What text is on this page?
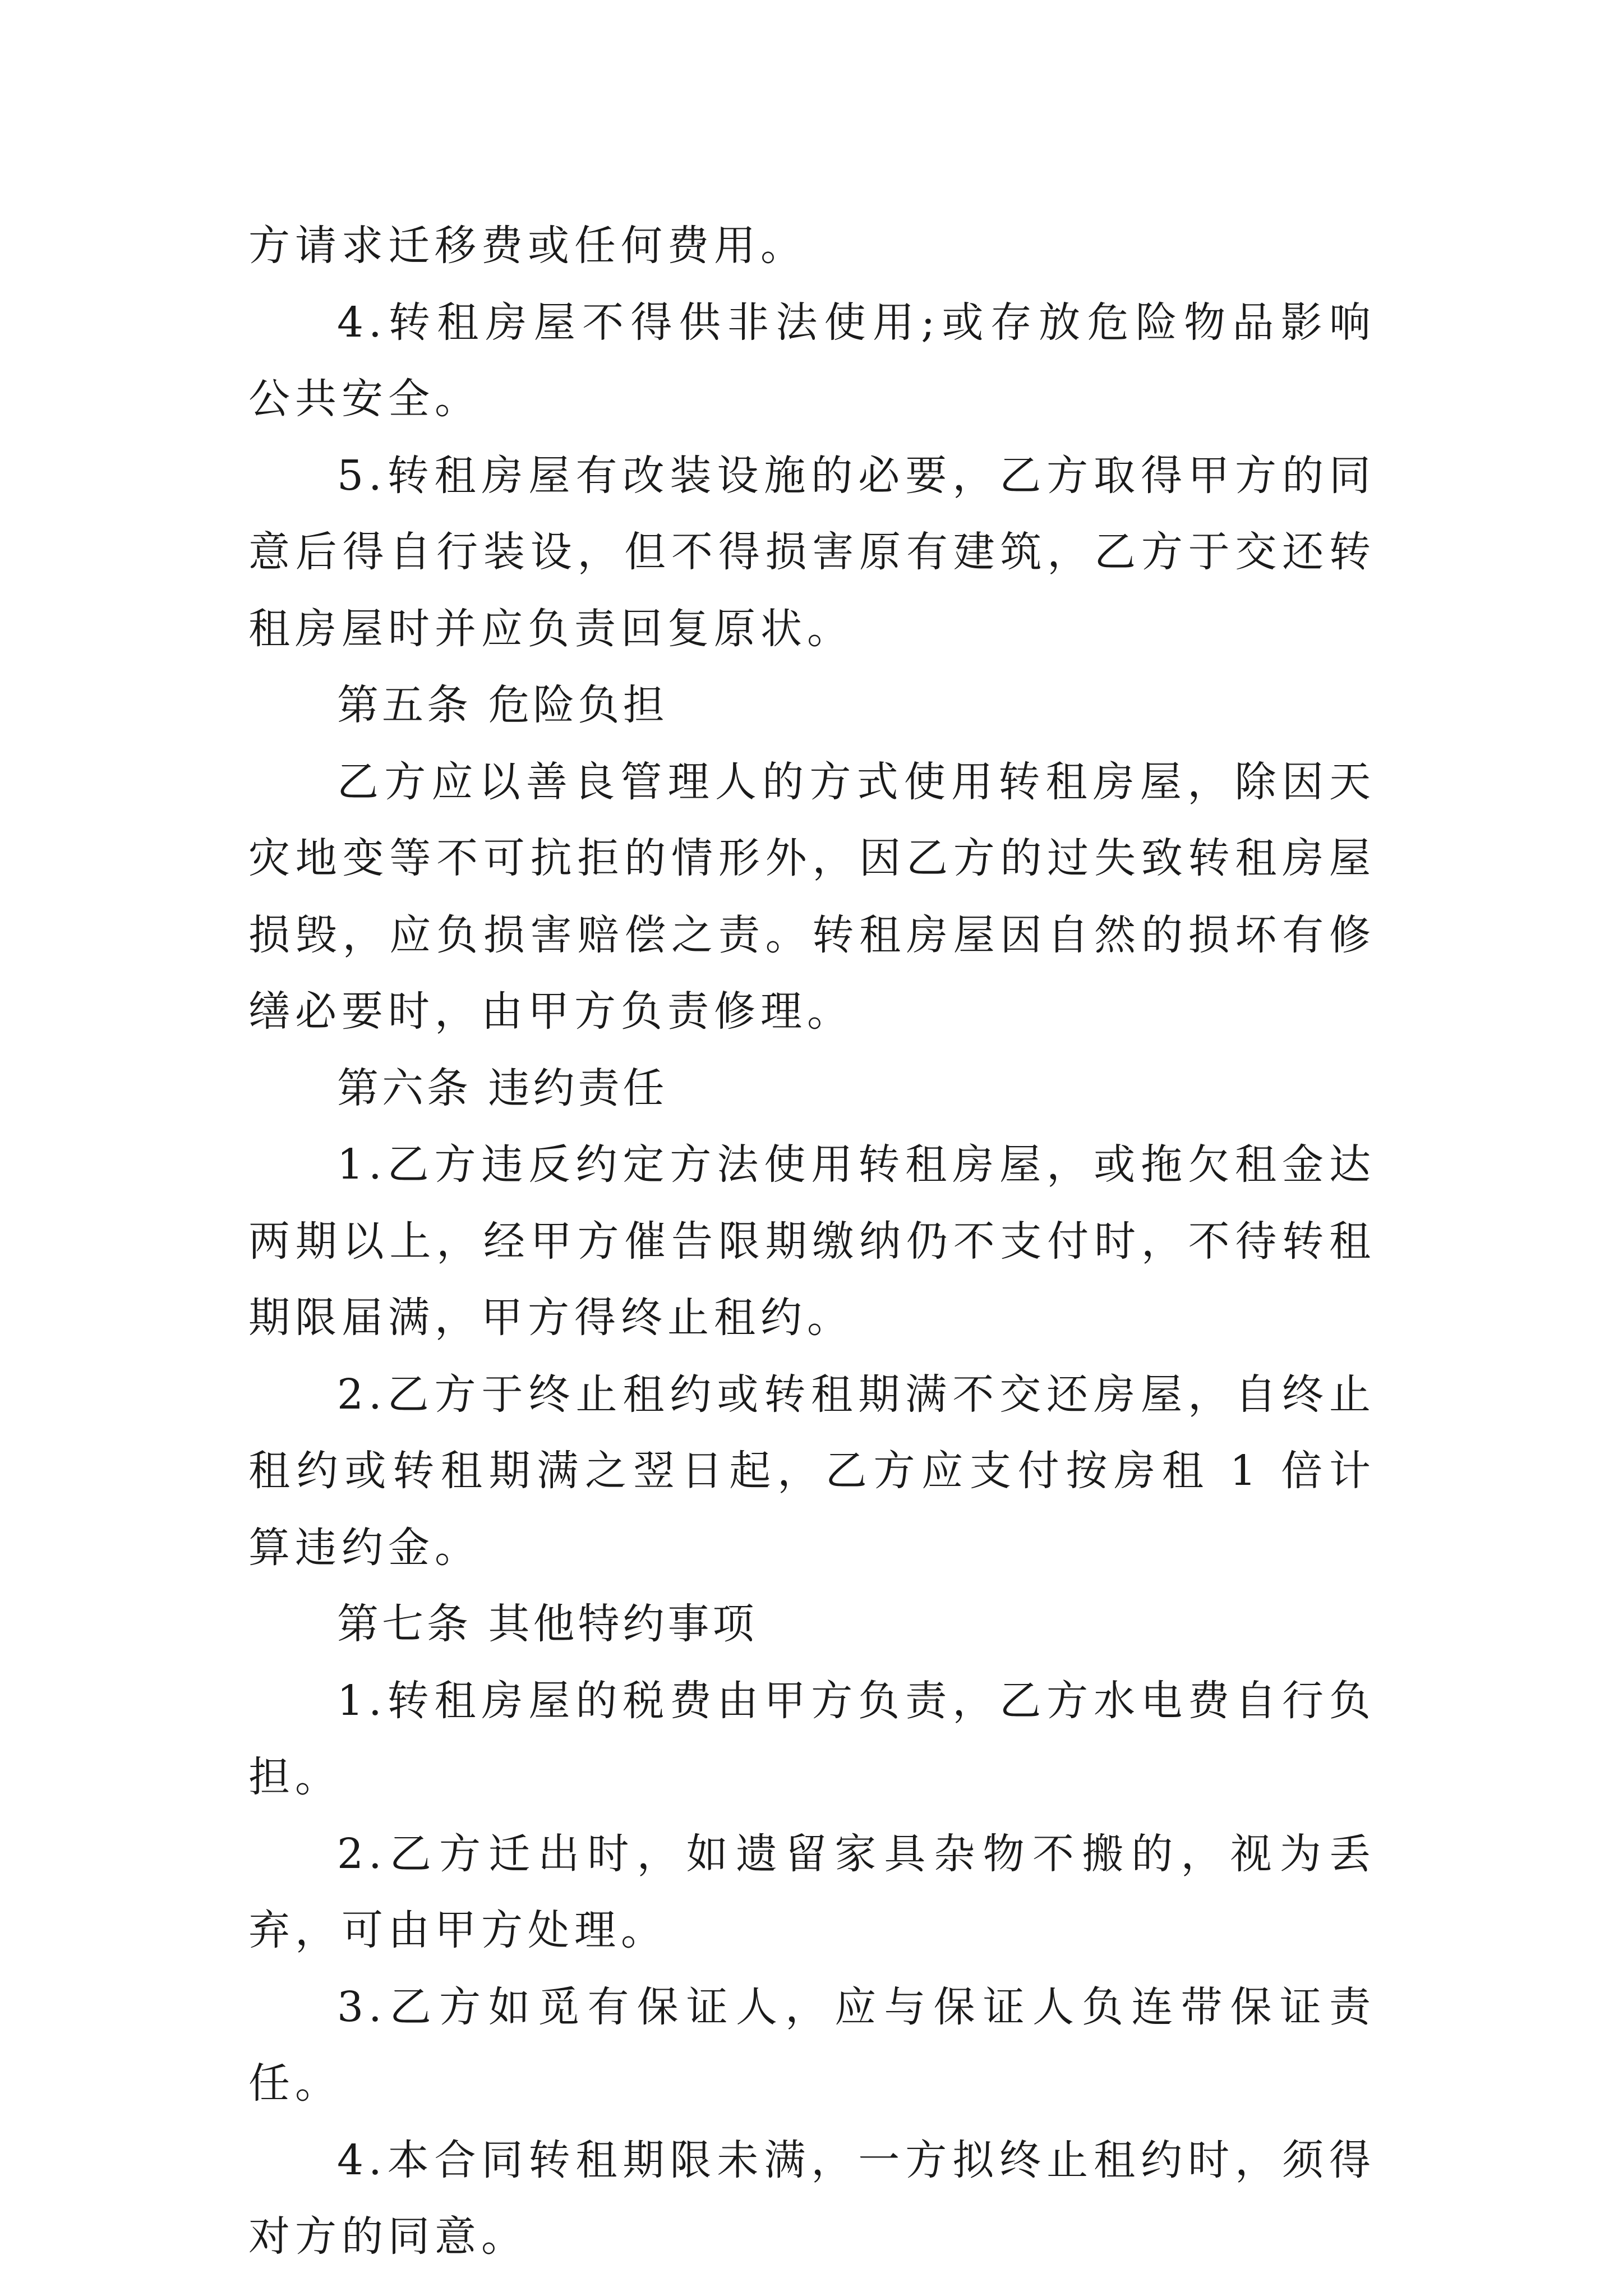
方请求迁移费或任何费用。

4.转租房屋不得供非法使用;或存放危险物品影响公共安全。

5.转租房屋有改装设施的必要，乙方取得甲方的同意后得自行装设，但不得损害原有建筑，乙方于交还转租房屋时并应负责回复原状。

第五条 危险负担

乙方应以善良管理人的方式使用转租房屋，除因天灾地变等不可抗拒的情形外，因乙方的过失致转租房屋损毁，应负损害赔偿之责。转租房屋因自然的损坏有修缮必要时，由甲方负责修理。

第六条 违约责任

1.乙方违反约定方法使用转租房屋，或拖欠租金达两期以上，经甲方催告限期缴纳仍不支付时，不待转租期限届满，甲方得终止租约。

2.乙方于终止租约或转租期满不交还房屋，自终止租约或转租期满之翌日起，乙方应支付按房租 1 倍计算违约金。

第七条 其他特约事项

1.转租房屋的税费由甲方负责，乙方水电费自行负担。

2.乙方迁出时，如遗留家具杂物不搬的，视为丢弃，可由甲方处理。

3.乙方如觅有保证人，应与保证人负连带保证责任。

4.本合同转租期限未满，一方拟终止租约时，须得对方的同意。
